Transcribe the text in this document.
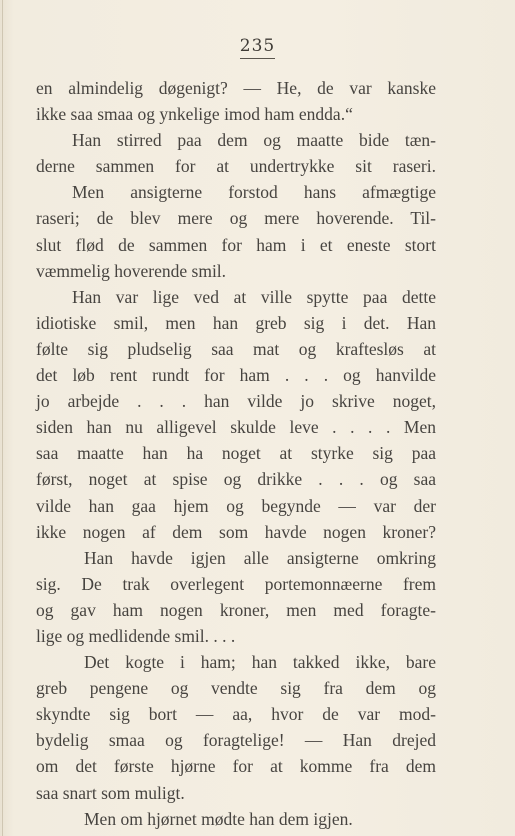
235
en almindelig døgenigt? — He, de var kanske
ikke saa smaa og ynkelige imod ham endda.“
Han stirred paa dem og maatte bide tæn-
derne sammen for at undertrykke sit raseri.
Men ansigterne forstod hans afmægtige
raseri; de blev mere og mere hoverende. Til-
slut flød de sammen for ham i et eneste stort
væmmelig hoverende smil.
Han var lige ved at ville spytte paa dette
idiotiske smil, men han greb sig i det. Han
følte sig pludselig saa mat og kraftesløs at
det løb rent rundt for ham . . . og hanvilde
jo arbejde . . . han vilde jo skrive noget,
siden han nu alligevel skulde leve . . . . Men
saa maatte han ha noget at styrke sig paa
først, noget at spise og drikke . . . og saa
vilde han gaa hjem og begynde — var der
ikke nogen af dem som havde nogen kroner?
Han havde igjen alle ansigterne omkring
sig. De trak overlegent portemonnæerne frem
og gav ham nogen kroner, men med foragte-
lige og medlidende smil. . . .
Det kogte i ham; han takked ikke, bare
greb pengene og vendte sig fra dem og
skyndte sig bort — aa, hvor de var mod-
bydelig smaa og foragtelige! — Han drejed
om det første hjørne for at komme fra dem
saa snart som muligt.
Men om hjørnet mødte han dem igjen.
